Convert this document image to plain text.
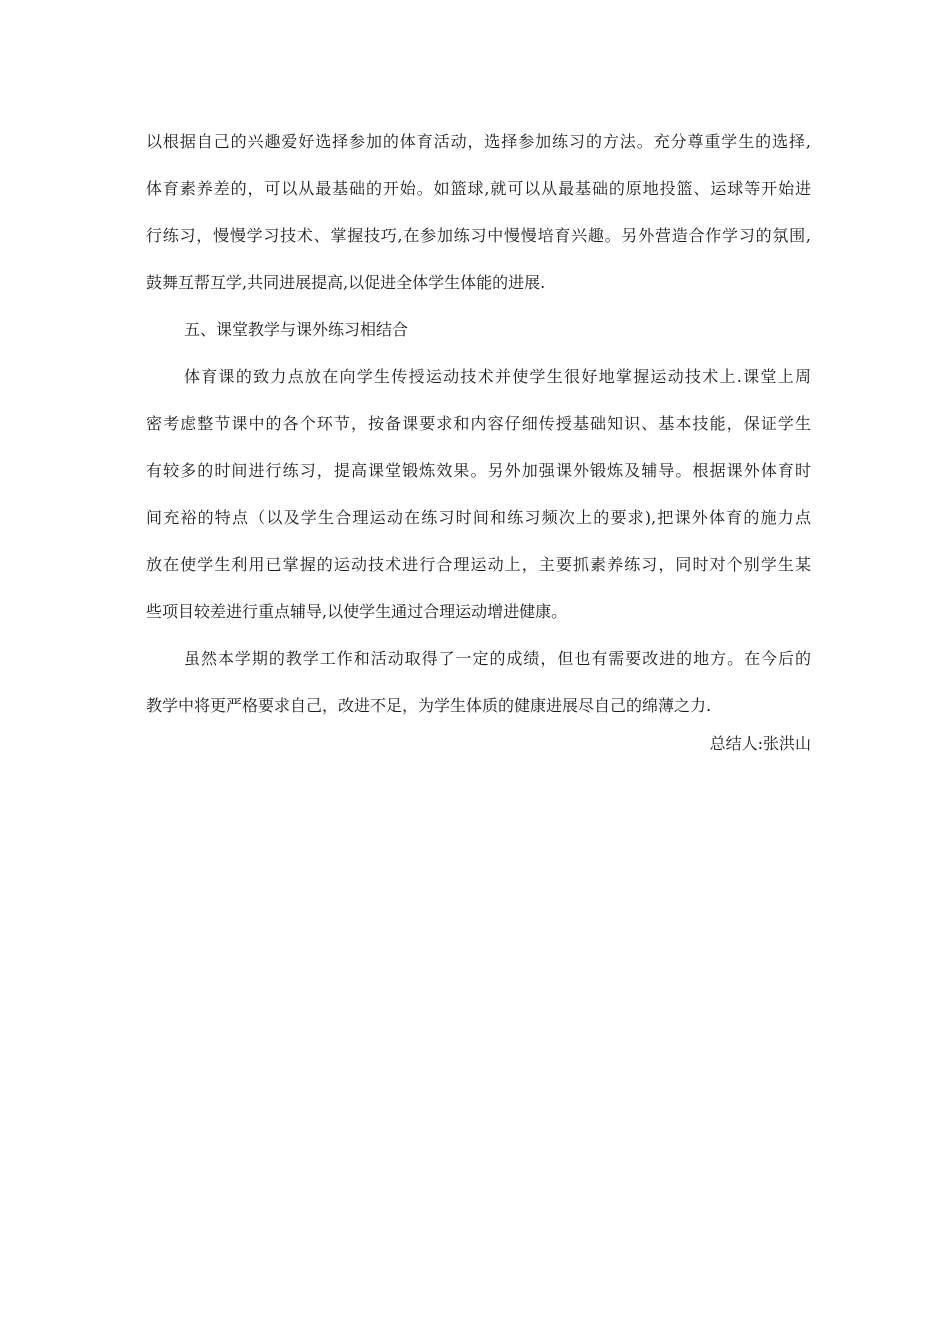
以根据自己的兴趣爱好选择参加的体育活动，选择参加练习的方法。充分尊重学生的选择,
体育素养差的，可以从最基础的开始。如篮球,就可以从最基础的原地投篮、运球等开始进
行练习，慢慢学习技术、掌握技巧,在参加练习中慢慢培育兴趣。另外营造合作学习的氛围,
鼓舞互帮互学,共同进展提高,以促进全体学生体能的进展.
五、课堂教学与课外练习相结合
体育课的致力点放在向学生传授运动技术并使学生很好地掌握运动技术上.课堂上周
密考虑整节课中的各个环节，按备课要求和内容仔细传授基础知识、基本技能，保证学生
有较多的时间进行练习，提高课堂锻炼效果。另外加强课外锻炼及辅导。根据课外体育时
间充裕的特点（以及学生合理运动在练习时间和练习频次上的要求),把课外体育的施力点
放在使学生利用已掌握的运动技术进行合理运动上，主要抓素养练习，同时对个别学生某
些项目较差进行重点辅导,以使学生通过合理运动增进健康。
虽然本学期的教学工作和活动取得了一定的成绩，但也有需要改进的地方。在今后的
教学中将更严格要求自己，改进不足，为学生体质的健康进展尽自己的绵薄之力.
总结人:张洪山
